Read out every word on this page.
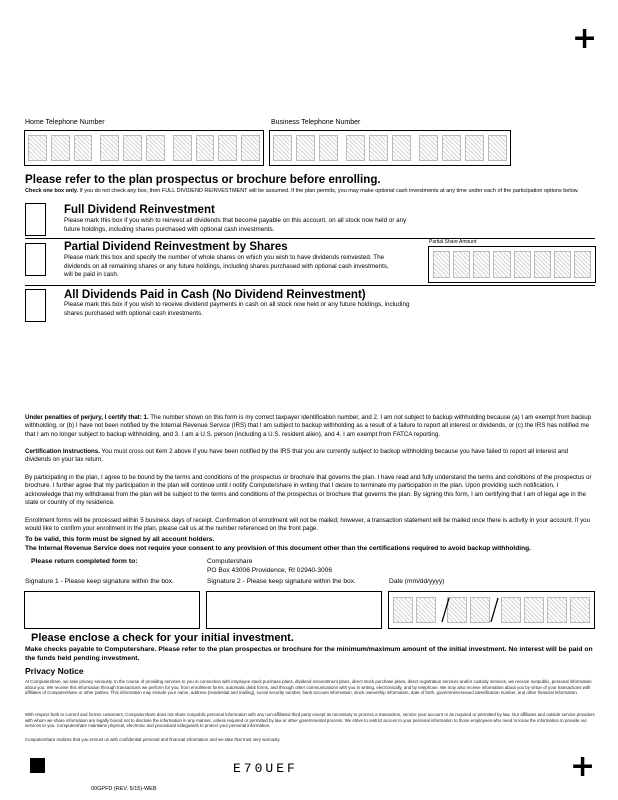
+
+
Home Telephone Number	Business Telephone Number
Please refer to the plan prospectus or brochure before enrolling.
Check one box only. If you do not check any box, then FULL DIVIDEND REINVESTMENT will be assumed. If the plan permits, you may make optional cash investments at any time under each of the participation options below.
Full Dividend Reinvestment
Please mark this box if you wish to reinvest all dividends that become payable on this account, on all stock now held or any future holdings, including shares purchased with optional cash investments.
Partial Dividend Reinvestment by Shares
Please mark this box and specify the number of whole shares on which you wish to have dividends reinvested. The dividends on all remaining shares or any future holdings, including shares purchased with optional cash investments, will be paid in cash.
Partial Share Amount
All Dividends Paid in Cash (No Dividend Reinvestment)
Please mark this box if you wish to receive dividend payments in cash on all stock now held or any future holdings, including shares purchased with optional cash investments.
Under penalties of perjury, I certify that: 1. The number shown on this form is my correct taxpayer identification number, and 2. I am not subject to backup withholding because (a) I am exempt from backup withholding, or (b) I have not been notified by the Internal Revenue Service (IRS) that I am subject to backup withholding as a result of a failure to report all interest or dividends, or (c) the IRS has notified me that I am no longer subject to backup withholding, and 3. I am a U.S. person (including a U.S. resident alien), and 4. I am exempt from FATCA reporting.
Certification Instructions. You must cross out item 2 above if you have been notified by the IRS that you are currently subject to backup withholding because you have failed to report all interest and dividends on your tax return.
By participating in the plan, I agree to be bound by the terms and conditions of the prospectus or brochure that governs the plan. I have read and fully understand the terms and conditions of the prospectus or brochure. I further agree that my participation in the plan will continue until I notify Computershare in writing that I desire to terminate my participation in the plan. Upon providing such notification, I acknowledge that my withdrawal from the plan will be subject to the terms and conditions of the prospectus or brochure that governs the plan. By signing this form, I am certifying that I am of legal age in the state or country of my residence.
Enrollment forms will be processed within 5 business days of receipt. Confirmation of enrollment will not be mailed; however, a transaction statement will be mailed once there is activity in your account. If you would like to confirm your enrollment in the plan, please call us at the number referenced on the front page.
To be valid, this form must be signed by all account holders.
The Internal Revenue Service does not require your consent to any provision of this document other than the certifications required to avoid backup withholding.
Please return completed form to:	Computershare
PO Box 43006 Providence, RI 02940-3006
Signature 1 - Please keep signature within the box.	Signature 2 - Please keep signature within the box.	Date (mm/dd/yyyy)
Please enclose a check for your initial investment.
Make checks payable to Computershare. Please refer to the plan prospectus or brochure for the minimum/maximum amount of the initial investment. No interest will be paid on the funds held pending investment.
Privacy Notice
At Computershare, we take privacy seriously. In the course of providing services to you in connection with employee stock purchase plans, dividend reinvestment plans, direct stock purchase plans, direct registration services and/or custody services, we receive nonpublic, personal information about you. We receive this information through transactions we perform for you, from enrollment forms, automatic debit forms, and through other communications with you in writing, electronically, and by telephone. We may also receive information about you by virtue of your transactions with affiliates of Computershare or other parties. This information may include your name, address (residential and mailing), social security number, bank account information, stock ownership information, date of birth, government-issued identification number, and other financial information.
With respect both to current and former customers, Computershare does not share nonpublic personal information with any non-affiliated third party except as necessary to process a transaction, service your account or as required or permitted by law. Our affiliates and outside service providers with whom we share information are legally bound not to disclose the information in any manner, unless required or permitted by law or other governmental process. We strive to restrict access to your personal information to those employees who need to know the information to provide our services to you. Computershare maintains physical, electronic and procedural safeguards to protect your personal information.
Computershare realizes that you entrust us with confidential personal and financial information and we take that trust very seriously.
E70UEF
00GPFD (REV. 5/15)-WEB
